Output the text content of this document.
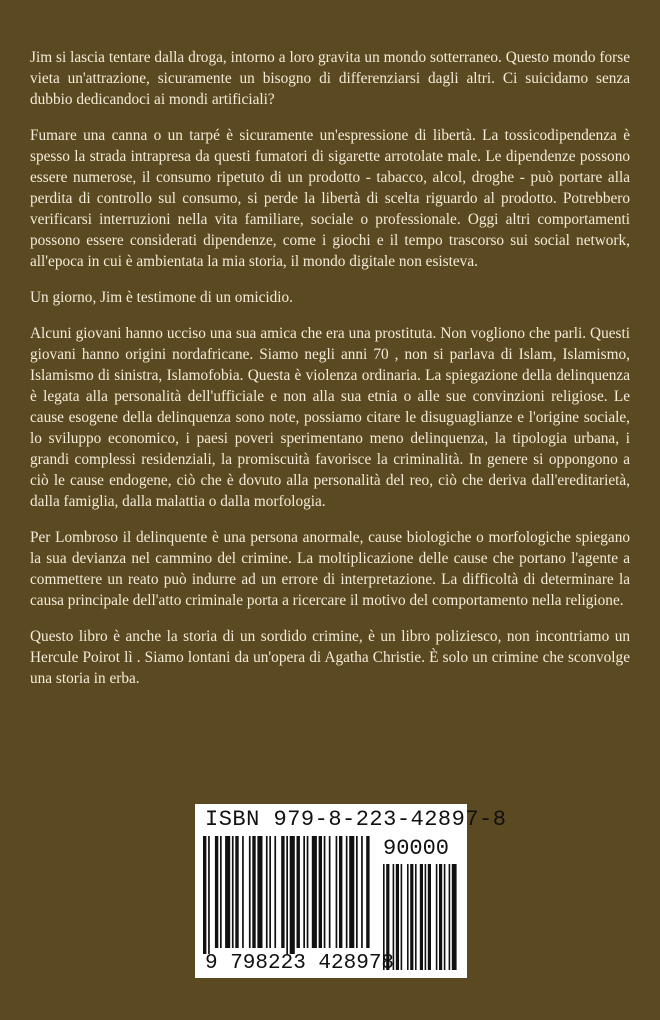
Jim si lascia tentare dalla droga, intorno a loro gravita un mondo sotterraneo. Questo mondo forse vieta un'attrazione, sicuramente un bisogno di differenziarsi dagli altri. Ci suicidamo senza dubbio dedicandoci ai mondi artificiali?

Fumare una canna o un tarpé è sicuramente un'espressione di libertà. La tossicodipendenza è spesso la strada intrapresa da questi fumatori di sigarette arrotolate male. Le dipendenze possono essere numerose, il consumo ripetuto di un prodotto - tabacco, alcol, droghe - può portare alla perdita di controllo sul consumo, si perde la libertà di scelta riguardo al prodotto. Potrebbero verificarsi interruzioni nella vita familiare, sociale o professionale. Oggi altri comportamenti possono essere considerati dipendenze, come i giochi e il tempo trascorso sui social network, all'epoca in cui è ambientata la mia storia, il mondo digitale non esisteva.

Un giorno, Jim è testimone di un omicidio.

Alcuni giovani hanno ucciso una sua amica che era una prostituta. Non vogliono che parli. Questi giovani hanno origini nordafricane. Siamo negli anni 70 , non si parlava di Islam, Islamismo, Islamismo di sinistra, Islamofobia. Questa è violenza ordinaria. La spiegazione della delinquenza è legata alla personalità dell'ufficiale e non alla sua etnia o alle sue convinzioni religiose. Le cause esogene della delinquenza sono note, possiamo citare le disuguaglianze e l'origine sociale, lo sviluppo economico, i paesi poveri sperimentano meno delinquenza, la tipologia urbana, i grandi complessi residenziali, la promiscuità favorisce la criminalità. In genere si oppongono a ciò le cause endogene, ciò che è dovuto alla personalità del reo, ciò che deriva dall'ereditarietà, dalla famiglia, dalla malattia o dalla morfologia.

Per Lombroso il delinquente è una persona anormale, cause biologiche o morfologiche spiegano la sua devianza nel cammino del crimine. La moltiplicazione delle cause che portano l'agente a commettere un reato può indurre ad un errore di interpretazione. La difficoltà di determinare la causa principale dell'atto criminale porta a ricercare il motivo del comportamento nella religione.

Questo libro è anche la storia di un sordido crimine, è un libro poliziesco, non incontriamo un Hercule Poirot lì . Siamo lontani da un'opera di Agatha Christie. È solo un crimine che sconvolge una storia in erba.

ISBN 979-8-223-42897-8
90000
9 798223 428978
